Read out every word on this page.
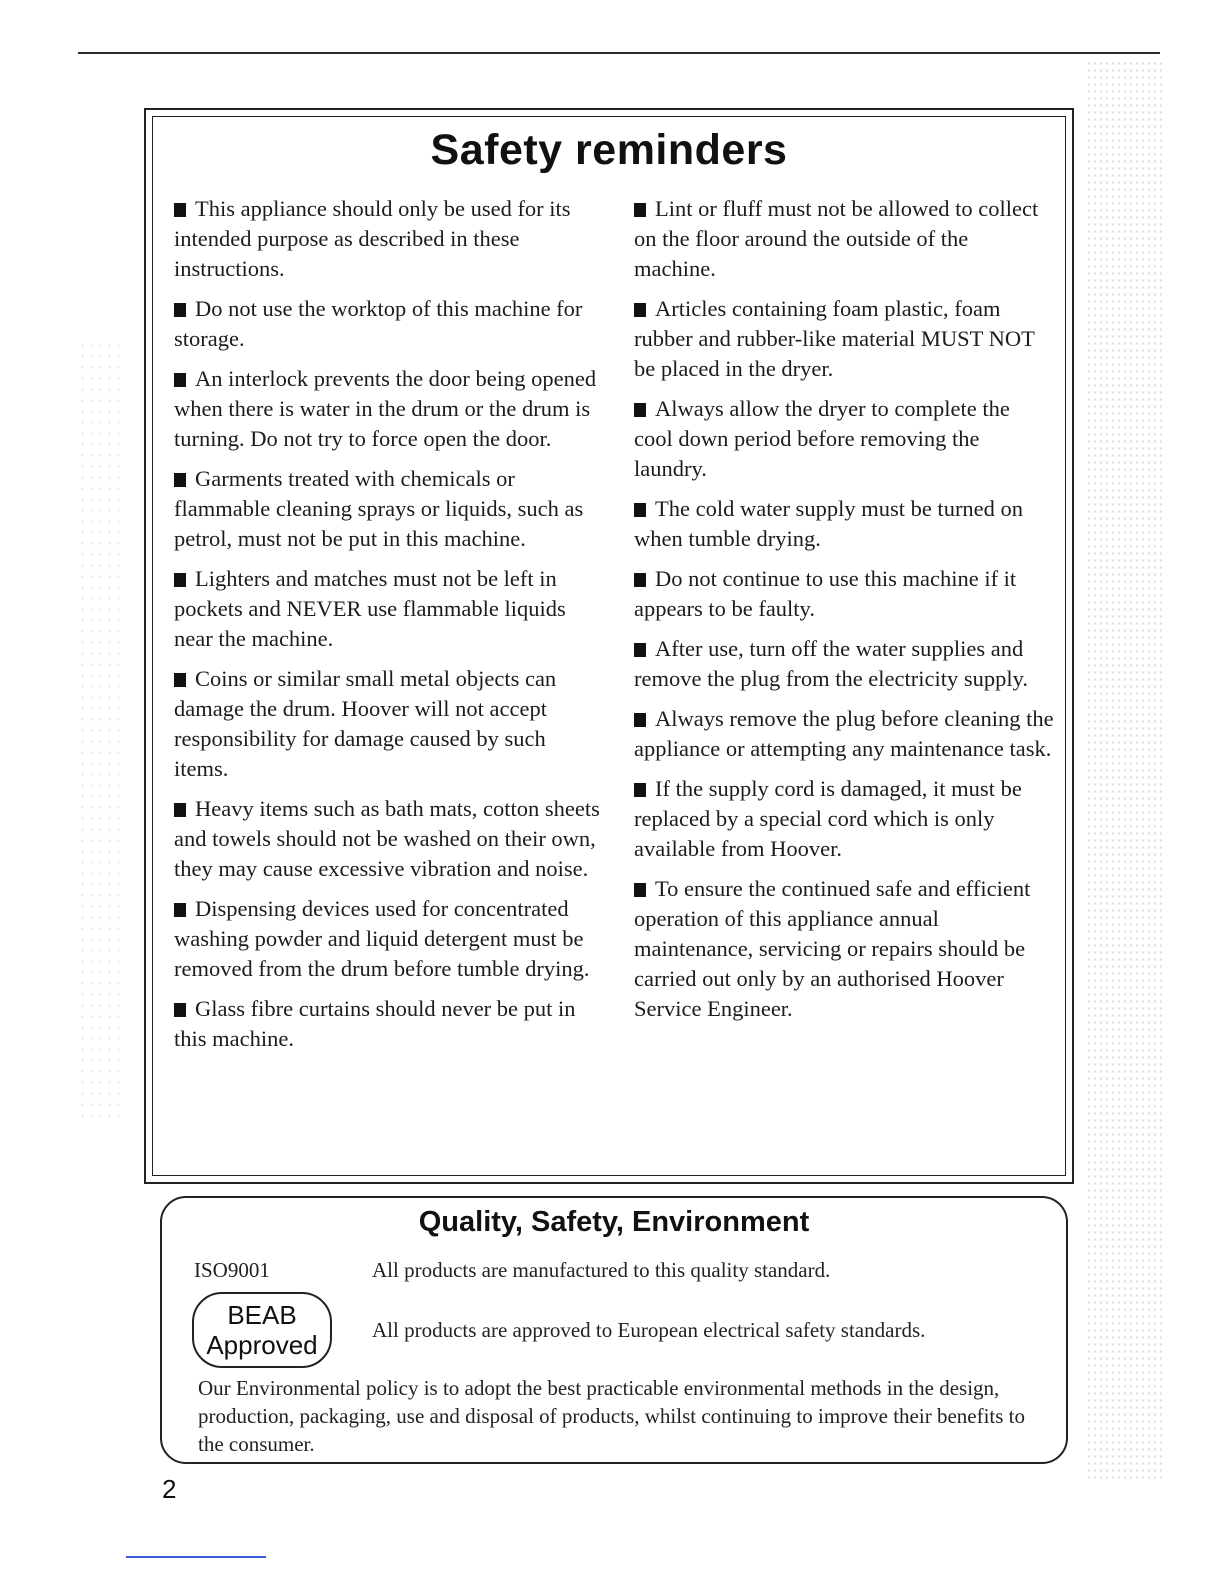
Safety reminders

This appliance should only be used for its intended purpose as described in these instructions.

Do not use the worktop of this machine for storage.

An interlock prevents the door being opened when there is water in the drum or the drum is turning. Do not try to force open the door.

Garments treated with chemicals or flammable cleaning sprays or liquids, such as petrol, must not be put in this machine.

Lighters and matches must not be left in pockets and NEVER use flammable liquids near the machine.

Coins or similar small metal objects can damage the drum. Hoover will not accept responsibility for damage caused by such items.

Heavy items such as bath mats, cotton sheets and towels should not be washed on their own, they may cause excessive vibration and noise.

Dispensing devices used for concentrated washing powder and liquid detergent must be removed from the drum before tumble drying.

Glass fibre curtains should never be put in this machine.

Lint or fluff must not be allowed to collect on the floor around the outside of the machine.

Articles containing foam plastic, foam rubber and rubber-like material MUST NOT be placed in the dryer.

Always allow the dryer to complete the cool down period before removing the laundry.

The cold water supply must be turned on when tumble drying.

Do not continue to use this machine if it appears to be faulty.

After use, turn off the water supplies and remove the plug from the electricity supply.

Always remove the plug before cleaning the appliance or attempting any maintenance task.

If the supply cord is damaged, it must be replaced by a special cord which is only available from Hoover.

To ensure the continued safe and efficient operation of this appliance annual maintenance, servicing or repairs should be carried out only by an authorised Hoover Service Engineer.

Quality, Safety, Environment
ISO9001	All products are manufactured to this quality standard.
BEAB
Approved	All products are approved to European electrical safety standards.

Our Environmental policy is to adopt the best practicable environmental methods in the design, production, packaging, use and disposal of products, whilst continuing to improve their benefits to the consumer.

2
